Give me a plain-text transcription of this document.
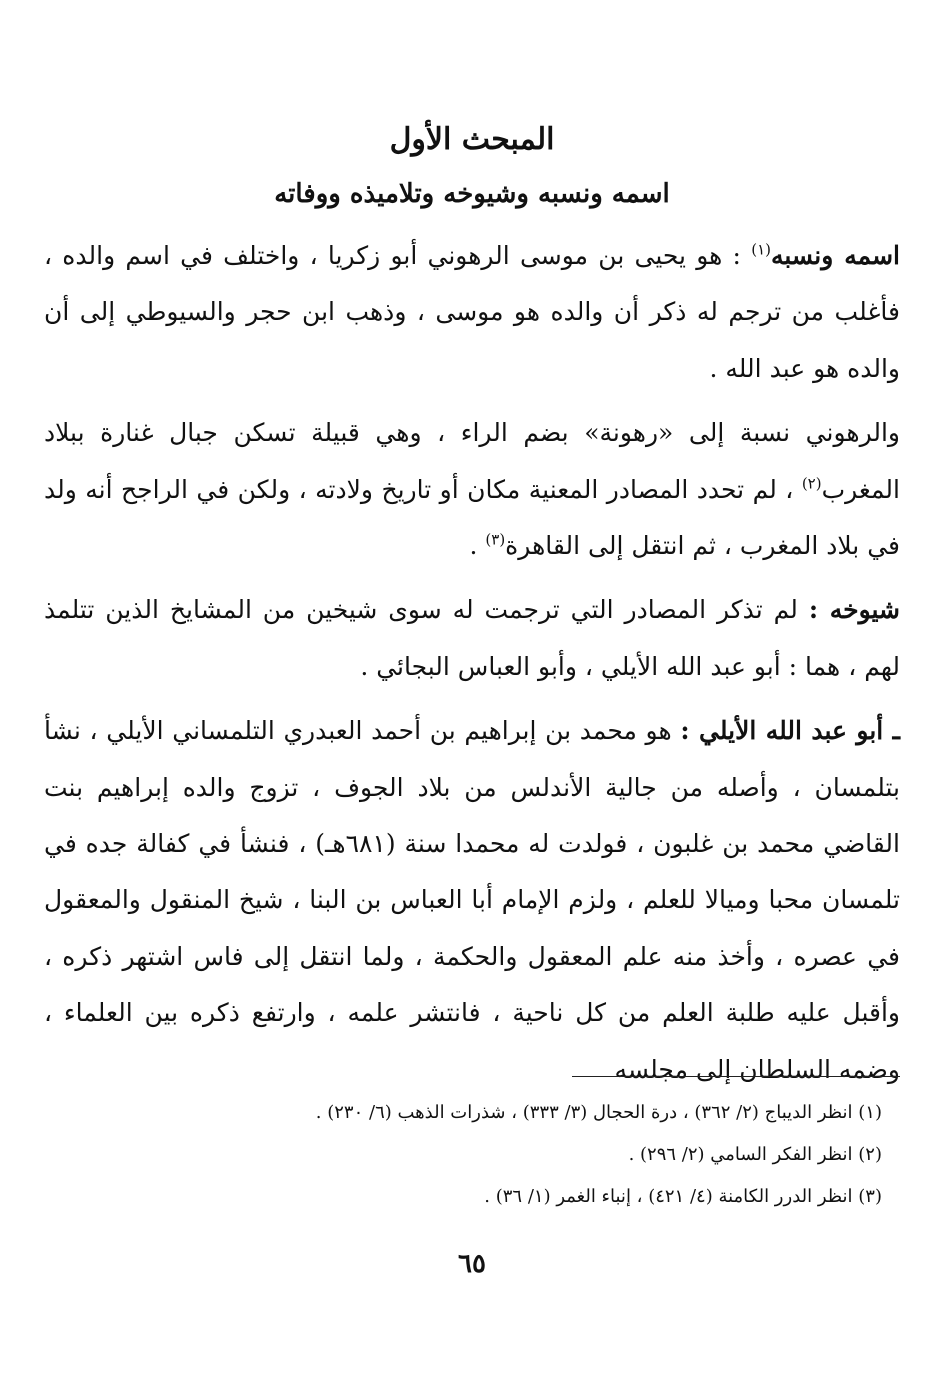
المبحث الأول
اسمه ونسبه وشيوخه وتلاميذه ووفاته

اسمه ونسبه$^{(١)}$ : هو يحيى بن موسى الرهوني أبو زكريا ، واختلف في اسم والده ، فأغلب من ترجم له ذكر أن والده هو موسى ، وذهب ابن حجر والسيوطي إلى أن والده هو عبد الله .

والرهوني نسبة إلى «رهونة» بضم الراء ، وهي قبيلة تسكن جبال غنارة ببلاد المغرب$^{(٢)}$ ، لم تحدد المصادر المعنية مكان أو تاريخ ولادته ، ولكن في الراجح أنه ولد في بلاد المغرب ، ثم انتقل إلى القاهرة$^{(٣)}$ .

شيوخه : لم تذكر المصادر التي ترجمت له سوى شيخين من المشايخ الذين تتلمذ لهم ، هما : أبو عبد الله الأيلي ، وأبو العباس البجائي .

ـ أبو عبد الله الأيلي : هو محمد بن إبراهيم بن أحمد العبدري التلمساني الأيلي ، نشأ بتلمسان ، وأصله من جالية الأندلس من بلاد الجوف ، تزوج والده إبراهيم بنت القاضي محمد بن غلبون ، فولدت له محمدا سنة (٦٨١هـ) ، فنشأ في كفالة جده في تلمسان محبا وميالا للعلم ، ولزم الإمام أبا العباس بن البنا ، شيخ المنقول والمعقول في عصره ، وأخذ منه علم المعقول والحكمة ، ولما انتقل إلى فاس اشتهر ذكره ، وأقبل عليه طلبة العلم من كل ناحية ، فانتشر علمه ، وارتفع ذكره بين العلماء ، وضمه السلطان إلى مجلسه

(١) انظر الديباج (٢/ ٣٦٢) ، درة الحجال (٣/ ٣٣٣) ، شذرات الذهب (٦/ ٢٣٠) .

(٢) انظر الفكر السامي (٢/ ٢٩٦) .

(٣) انظر الدرر الكامنة (٤/ ٤٢١) ، إنباء الغمر (١/ ٣٦) .

٦٥
